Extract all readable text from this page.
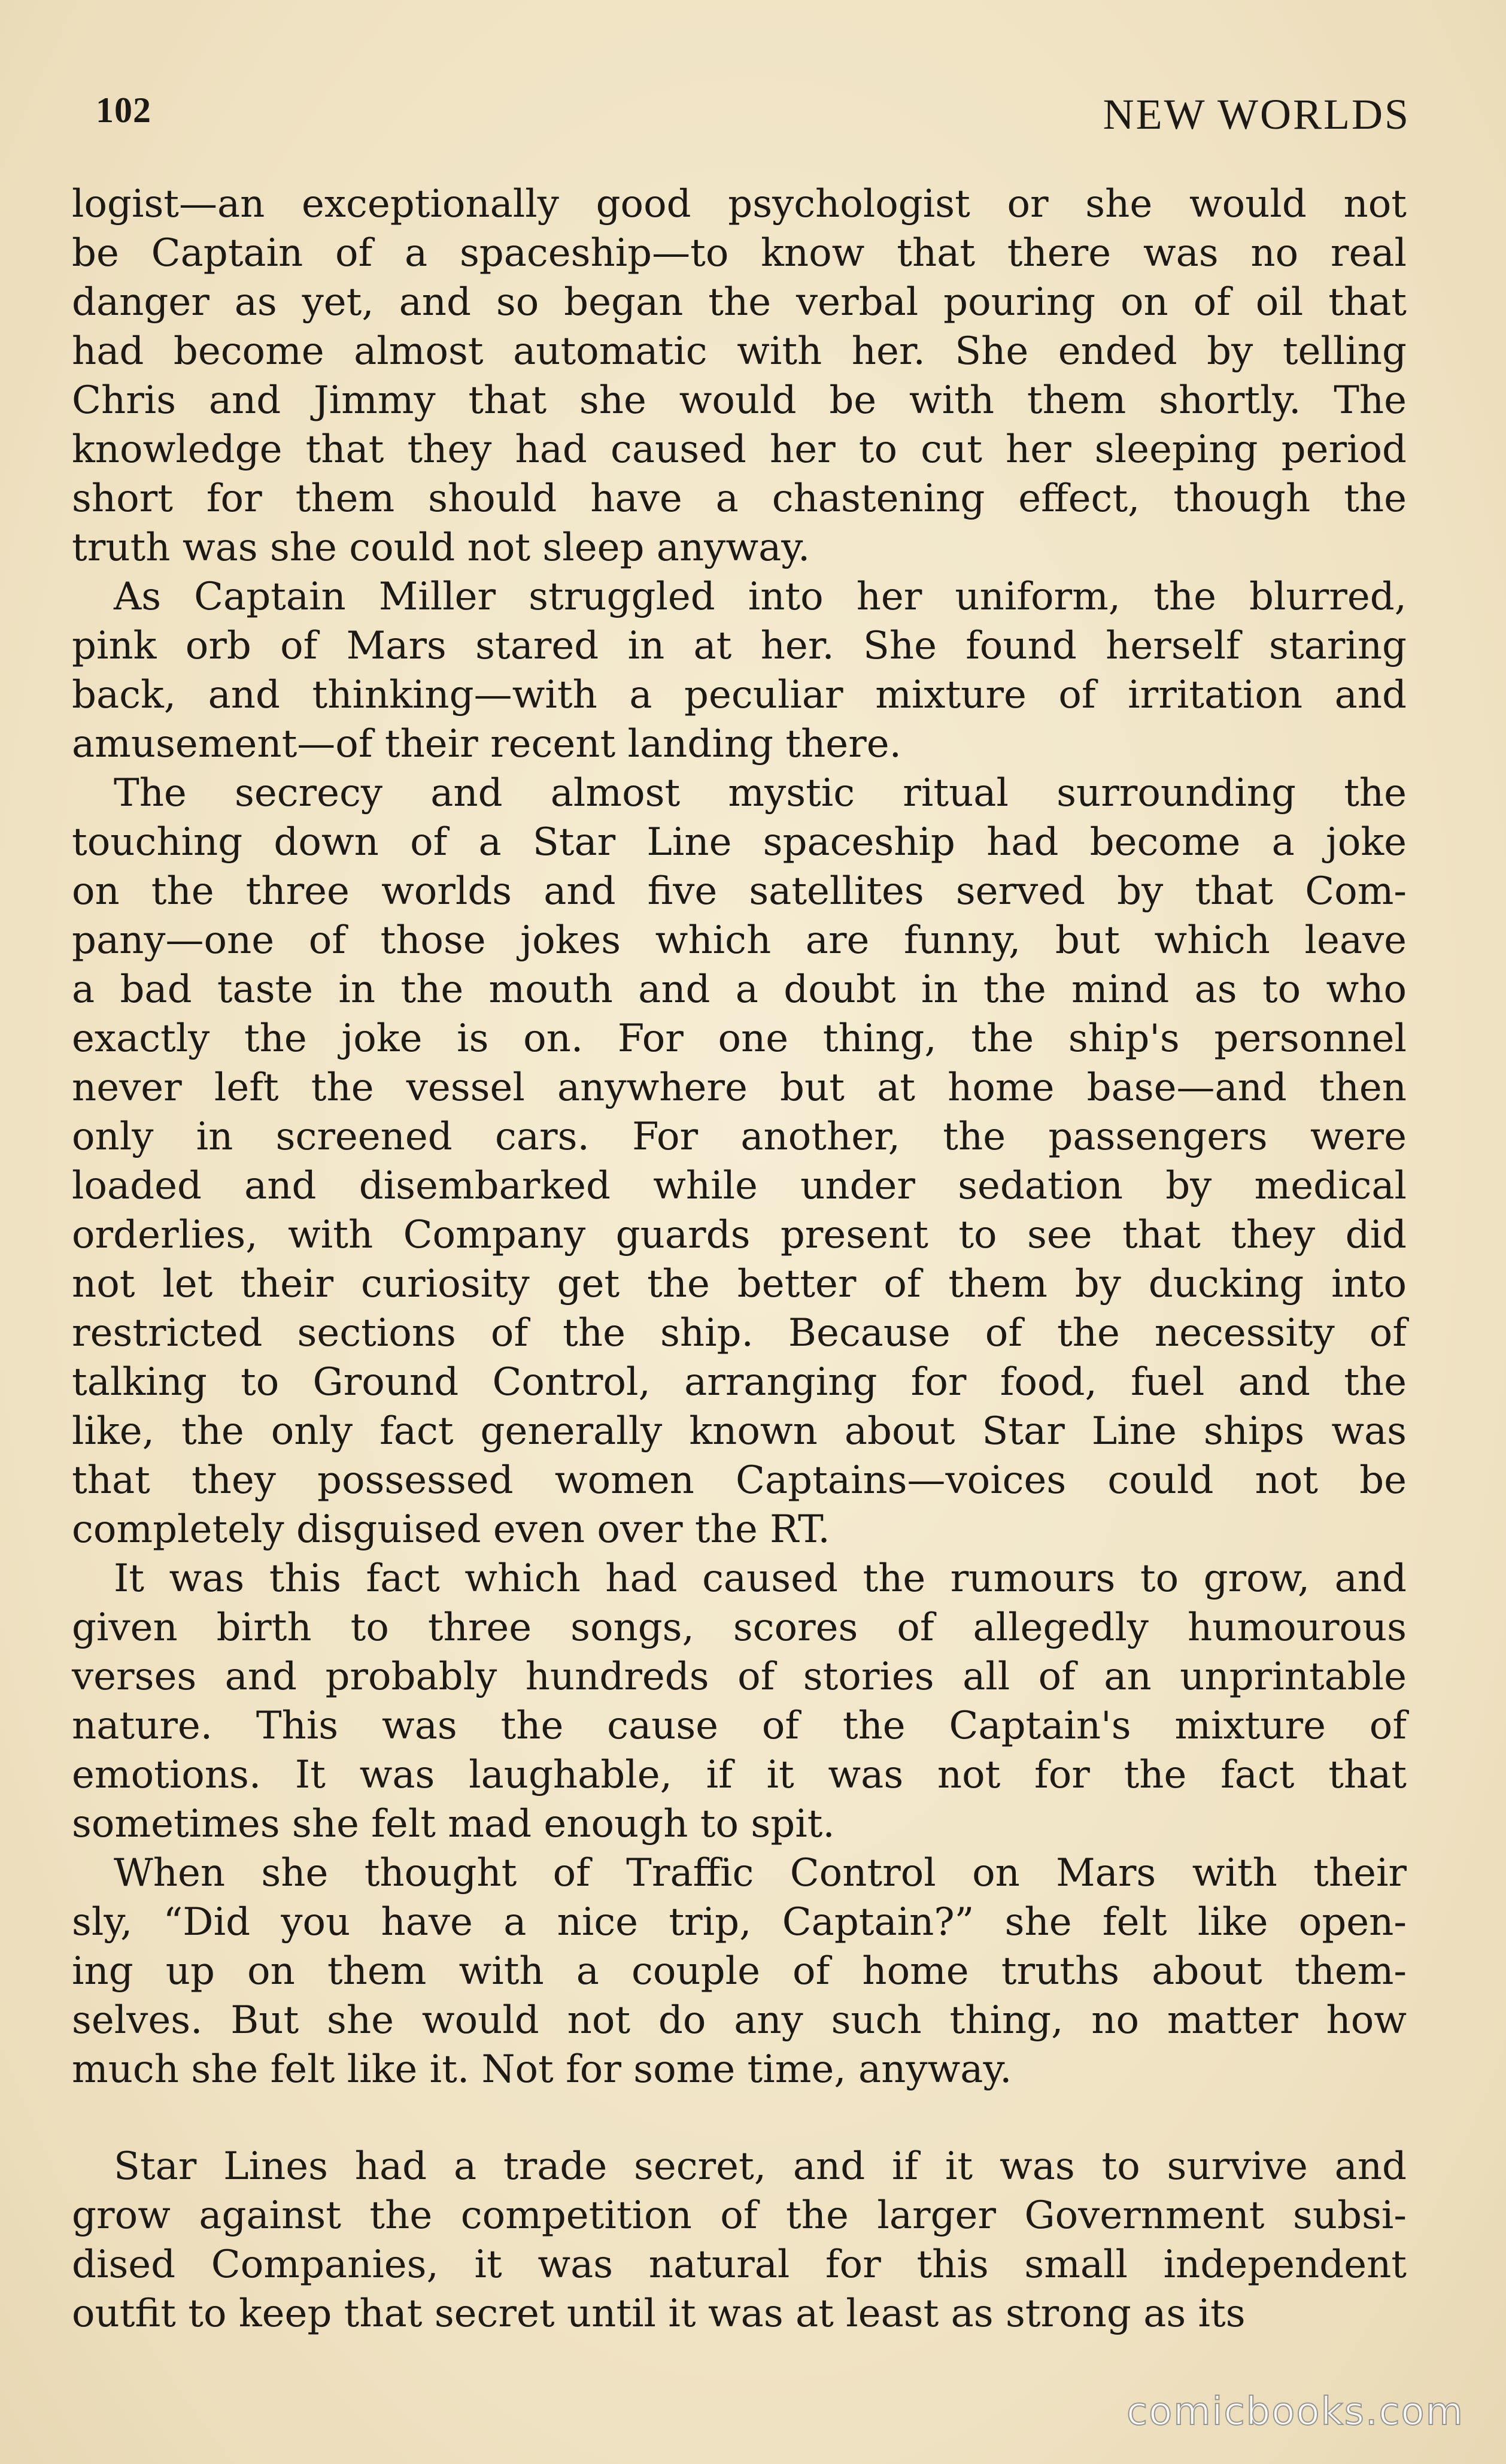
102	NEW WORLDS
logist—an exceptionally good psychologist or she would not
be Captain of a spaceship—to know that there was no real
danger as yet, and so began the verbal pouring on of oil that
had become almost automatic with her. She ended by telling
Chris and Jimmy that she would be with them shortly. The
knowledge that they had caused her to cut her sleeping period
short for them should have a chastening effect, though the
truth was she could not sleep anyway.
As Captain Miller struggled into her uniform, the blurred,
pink orb of Mars stared in at her. She found herself staring
back, and thinking—with a peculiar mixture of irritation and
amusement—of their recent landing there.
The secrecy and almost mystic ritual surrounding the
touching down of a Star Line spaceship had become a joke
on the three worlds and five satellites served by that Com-
pany—one of those jokes which are funny, but which leave
a bad taste in the mouth and a doubt in the mind as to who
exactly the joke is on. For one thing, the ship's personnel
never left the vessel anywhere but at home base—and then
only in screened cars. For another, the passengers were
loaded and disembarked while under sedation by medical
orderlies, with Company guards present to see that they did
not let their curiosity get the better of them by ducking into
restricted sections of the ship. Because of the necessity of
talking to Ground Control, arranging for food, fuel and the
like, the only fact generally known about Star Line ships was
that they possessed women Captains—voices could not be
completely disguised even over the RT.
It was this fact which had caused the rumours to grow, and
given birth to three songs, scores of allegedly humourous
verses and probably hundreds of stories all of an unprintable
nature. This was the cause of the Captain's mixture of
emotions. It was laughable, if it was not for the fact that
sometimes she felt mad enough to spit.
When she thought of Traffic Control on Mars with their
sly, “Did you have a nice trip, Captain?” she felt like open-
ing up on them with a couple of home truths about them-
selves. But she would not do any such thing, no matter how
much she felt like it. Not for some time, anyway.
Star Lines had a trade secret, and if it was to survive and
grow against the competition of the larger Government subsi-
dised Companies, it was natural for this small independent
outfit to keep that secret until it was at least as strong as its
comicbooks.com
